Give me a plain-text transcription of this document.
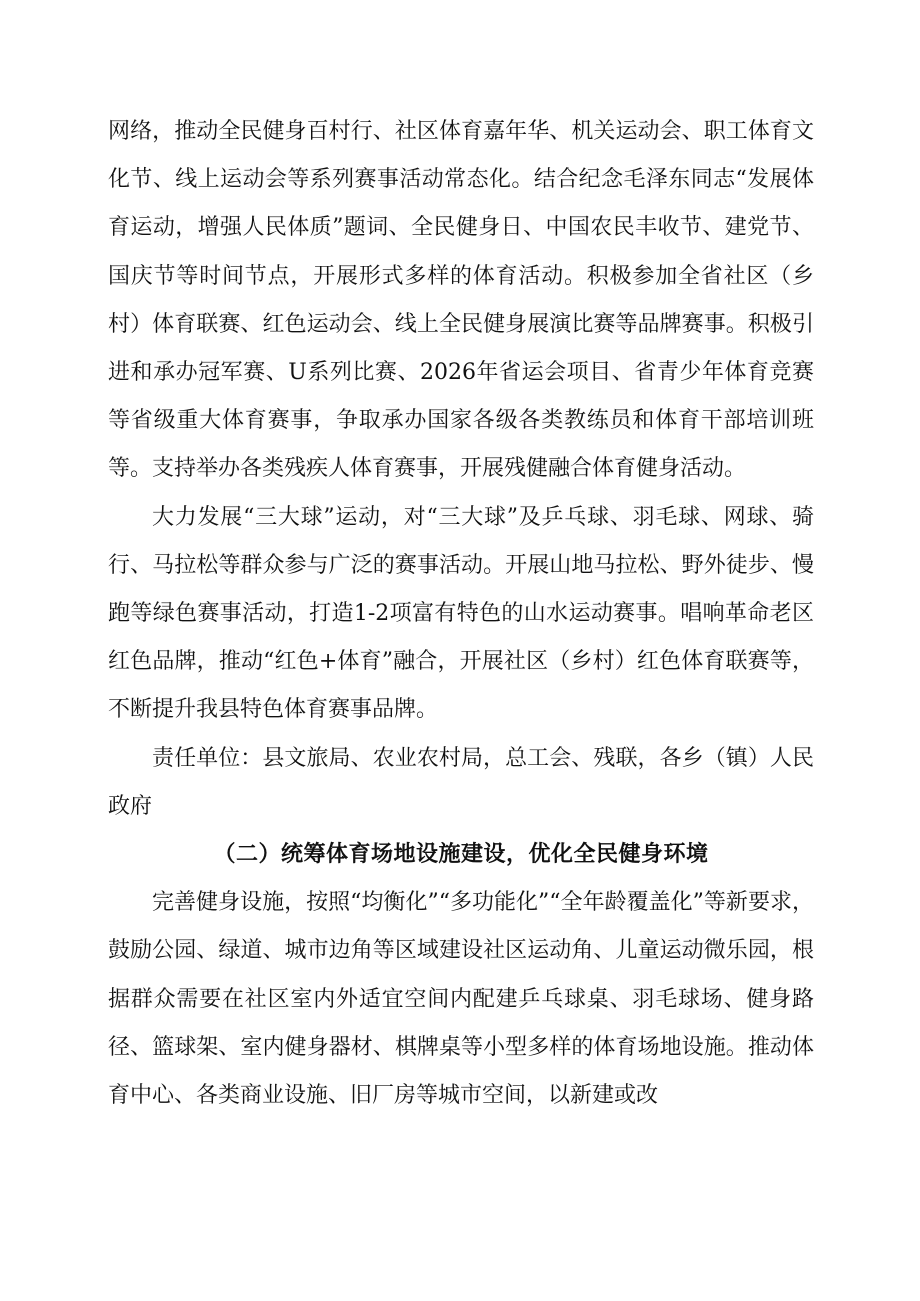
网络，推动全民健身百村行、社区体育嘉年华、机关运动会、职工体育文化节、线上运动会等系列赛事活动常态化。结合纪念毛泽东同志“发展体育运动，增强人民体质”题词、全民健身日、中国农民丰收节、建党节、国庆节等时间节点，开展形式多样的体育活动。积极参加全省社区（乡村）体育联赛、红色运动会、线上全民健身展演比赛等品牌赛事。积极引进和承办冠军赛、U系列比赛、2026年省运会项目、省青少年体育竞赛等省级重大体育赛事，争取承办国家各级各类教练员和体育干部培训班等。支持举办各类残疾人体育赛事，开展残健融合体育健身活动。

大力发展“三大球”运动，对“三大球”及乒乓球、羽毛球、网球、骑行、马拉松等群众参与广泛的赛事活动。开展山地马拉松、野外徒步、慢跑等绿色赛事活动，打造1-2项富有特色的山水运动赛事。唱响革命老区红色品牌，推动“红色+体育”融合，开展社区（乡村）红色体育联赛等，不断提升我县特色体育赛事品牌。

责任单位：县文旅局、农业农村局，总工会、残联，各乡（镇）人民政府

（二）统筹体育场地设施建设，优化全民健身环境

完善健身设施，按照“均衡化”“多功能化”“全年龄覆盖化”等新要求，鼓励公园、绿道、城市边角等区域建设社区运动角、儿童运动微乐园，根据群众需要在社区室内外适宜空间内配建乒乓球桌、羽毛球场、健身路径、篮球架、室内健身器材、棋牌桌等小型多样的体育场地设施。推动体育中心、各类商业设施、旧厂房等城市空间，以新建或改
